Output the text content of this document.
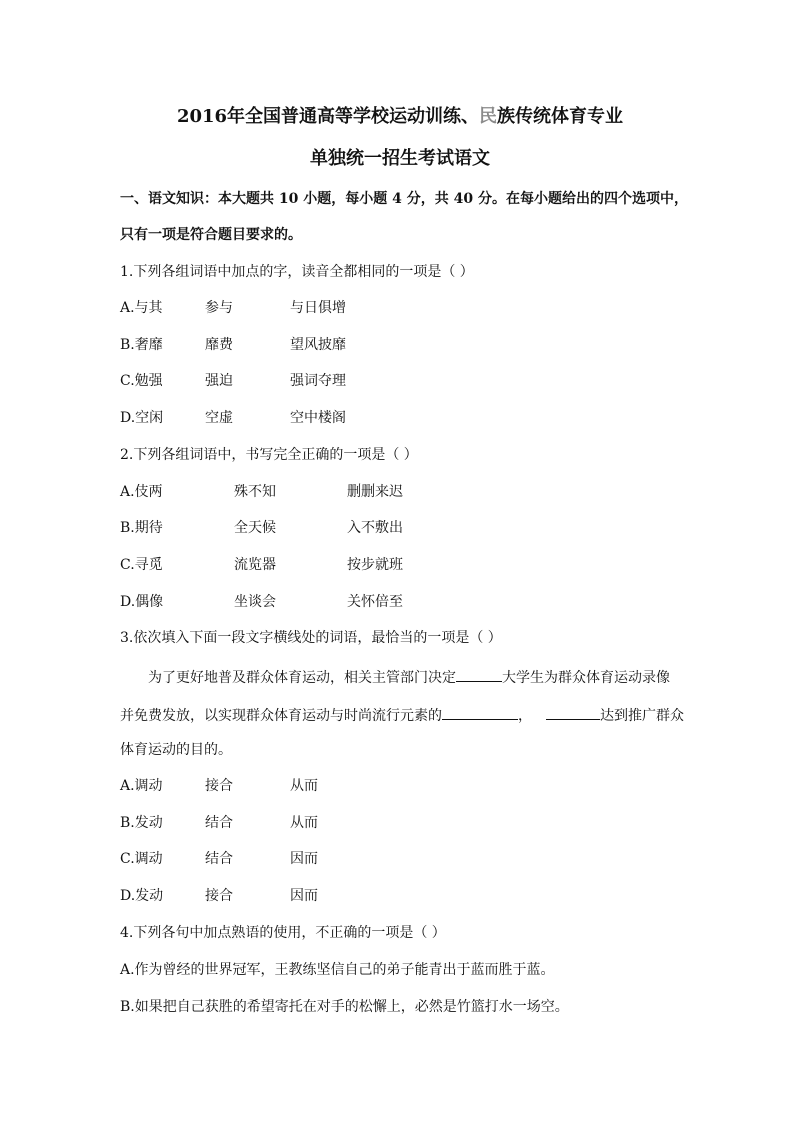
2016年全国普通高等学校运动训练、民族传统体育专业
单独统一招生考试语文
一、语文知识：本大题共 10 小题，每小题 4 分，共 40 分。在每小题给出的四个选项中，
只有一项是符合题目要求的。
1.下列各组词语中加点的字，读音全都相同的一项是（ ）
A.与其	参与	与日俱增
B.奢靡	靡费	望风披靡
C.勉强	强迫	强词夺理
D.空闲	空虚	空中楼阁
2.下列各组词语中，书写完全正确的一项是（ ）
A.伎两	殊不知	删删来迟
B.期待	全天候	入不敷出
C.寻觅	流览器	按步就班
D.偶像	坐谈会	关怀倍至
3.依次填入下面一段文字横线处的词语，最恰当的一项是（ ）
为了更好地普及群众体育运动，相关主管部门决定	大学生为群众体育运动录像
并免费发放，以实现群众体育运动与时尚流行元素的	，	达到推广群众
体育运动的目的。
A.调动	接合	从而
B.发动	结合	从而
C.调动	结合	因而
D.发动	接合	因而
4.下列各句中加点熟语的使用，不正确的一项是（ ）
A.作为曾经的世界冠军，王教练坚信自己的弟子能青出于蓝而胜于蓝。
B.如果把自己获胜的希望寄托在对手的松懈上，必然是竹篮打水一场空。
